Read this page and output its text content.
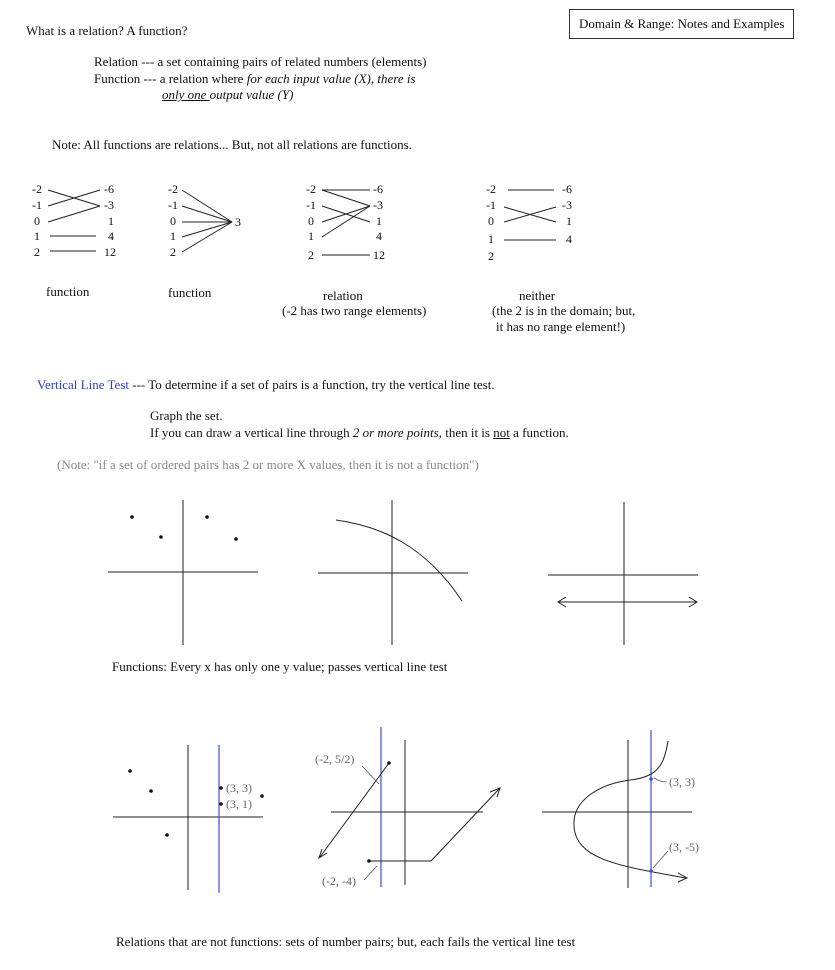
What is a relation? A function?	Domain & Range: Notes and Examples
Relation --- a set containing pairs of related numbers (elements)
Function --- a relation where for each input value (X), there is
only one output value (Y)
Note: All functions are relations... But, not all relations are functions.
-2
-1
0
1
2
-6
-3
1
4
12
-2
-1
0
1
2
3
-2
-1
0
1
2
-6
-3
1
4
12
-2
-1
0
1
2
-6
-3
1
4
function	function	relation
(-2 has two range elements)
neither
(the 2 is in the domain; but,
it has no range element!)
Vertical Line Test --- To determine if a set of pairs is a function, try the vertical line test.
Graph the set.
If you can draw a vertical line through 2 or more points, then it is not a function.
(Note: "if a set of ordered pairs has 2 or more X values, then it is not a function")
Functions: Every x has only one y value; passes vertical line test
(3, 3)
(3, 1)
(-2, 5/2)
(-2, -4)
(3, 3)
(3, -5)
Relations that are not functions: sets of number pairs; but, each fails the vertical line test
